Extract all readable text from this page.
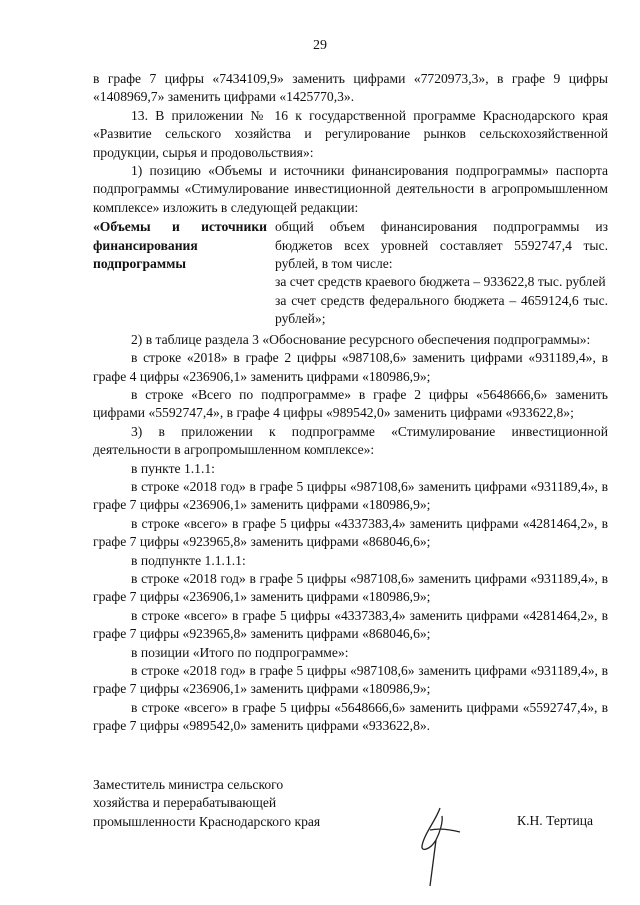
29

в графе 7 цифры «7434109,9» заменить цифрами «7720973,3», в графе 9 цифры «1408969,7» заменить цифрами «1425770,3».

13. В приложении № 16 к государственной программе Краснодарского края «Развитие сельского хозяйства и регулирование рынков сельскохозяйственной продукции, сырья и продовольствия»:

1) позицию «Объемы и источники финансирования подпрограммы» паспорта подпрограммы «Стимулирование инвестиционной деятельности в агропромышленном комплексе» изложить в следующей редакции:

«Объемы и источники финансирования подпрограммы

общий объем финансирования подпрограммы из бюджетов всех уровней составляет 5592747,4 тыс. рублей, в том числе:

за счет средств краевого бюджета – 933622,8 тыс. рублей

за счет средств федерального бюджета – 4659124,6 тыс. рублей»;

2) в таблице раздела 3 «Обоснование ресурсного обеспечения подпрограммы»:

в строке «2018» в графе 2 цифры «987108,6» заменить цифрами «931189,4», в графе 4 цифры «236906,1» заменить цифрами «180986,9»;

в строке «Всего по подпрограмме» в графе 2 цифры «5648666,6» заменить цифрами «5592747,4», в графе 4 цифры «989542,0» заменить цифрами «933622,8»;

3) в приложении к подпрограмме «Стимулирование инвестиционной деятельности в агропромышленном комплексе»:

в пункте 1.1.1:

в строке «2018 год» в графе 5 цифры «987108,6» заменить цифрами «931189,4», в графе 7 цифры «236906,1» заменить цифрами «180986,9»;

в строке «всего» в графе 5 цифры «4337383,4» заменить цифрами «4281464,2», в графе 7 цифры «923965,8» заменить цифрами «868046,6»;

в подпункте 1.1.1.1:

в строке «2018 год» в графе 5 цифры «987108,6» заменить цифрами «931189,4», в графе 7 цифры «236906,1» заменить цифрами «180986,9»;

в строке «всего» в графе 5 цифры «4337383,4» заменить цифрами «4281464,2», в графе 7 цифры «923965,8» заменить цифрами «868046,6»;

в позиции «Итого по подпрограмме»:

в строке «2018 год» в графе 5 цифры «987108,6» заменить цифрами «931189,4», в графе 7 цифры «236906,1» заменить цифрами «180986,9»;

в строке «всего» в графе 5 цифры «5648666,6» заменить цифрами «5592747,4», в графе 7 цифры «989542,0» заменить цифрами «933622,8».

Заместитель министра сельского
хозяйства и перерабатывающей
промышленности Краснодарского края	К.Н. Тертица
